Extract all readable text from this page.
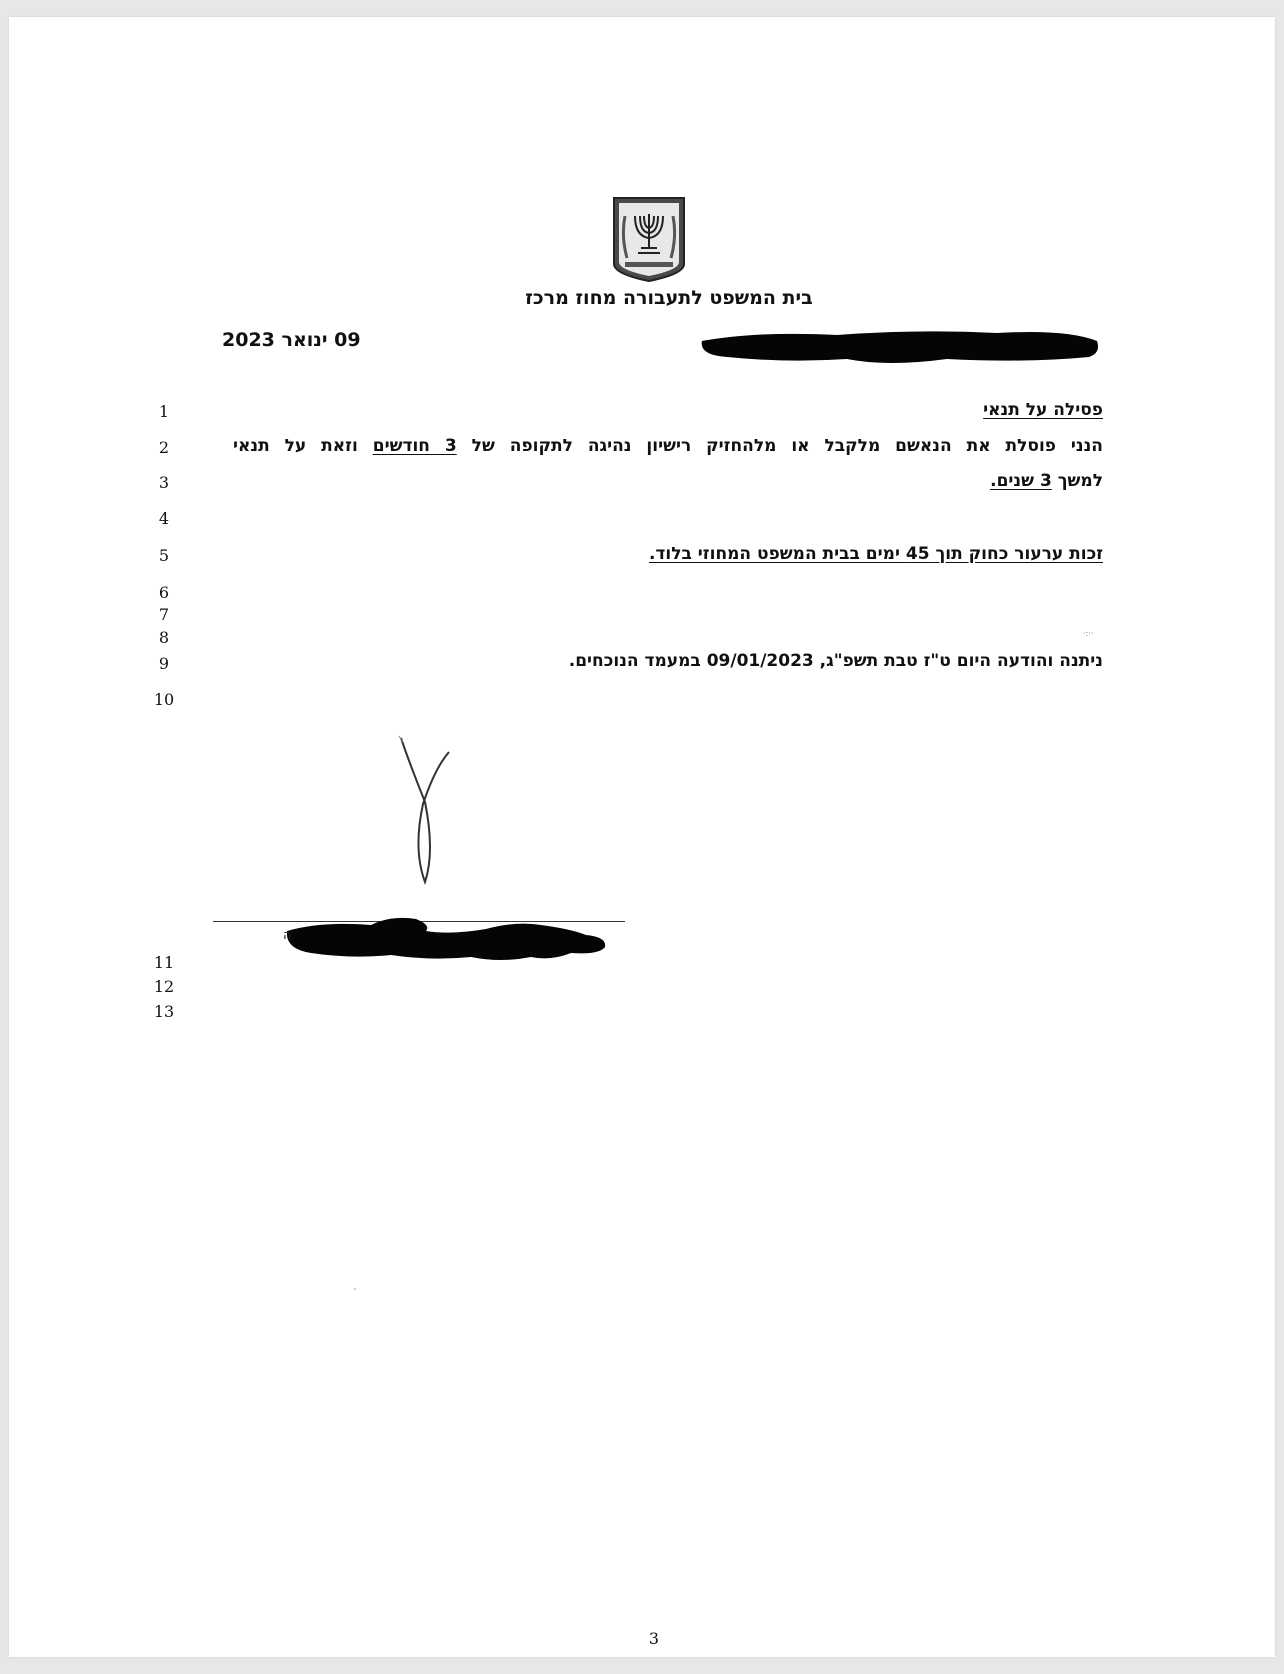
בית המשפט לתעבורה מחוז מרכז
09 ינואר 2023
1
2
3
4
5
6
7
8
9
10
11
12
13
פסילה על תנאי
הנני פוסלת את הנאשם מלקבל או מלהחזיק רישיון נהיגה לתקופה של 3 חודשים וזאת על תנאי
למשך 3 שנים.
זכות ערעור כחוק תוך 45 ימים בבית המשפט המחוזי בלוד.
·:··
ניתנה והודעה היום ט"ז טבת תשפ"ג, 09/01/2023 במעמד הנוכחים.
ה
3
